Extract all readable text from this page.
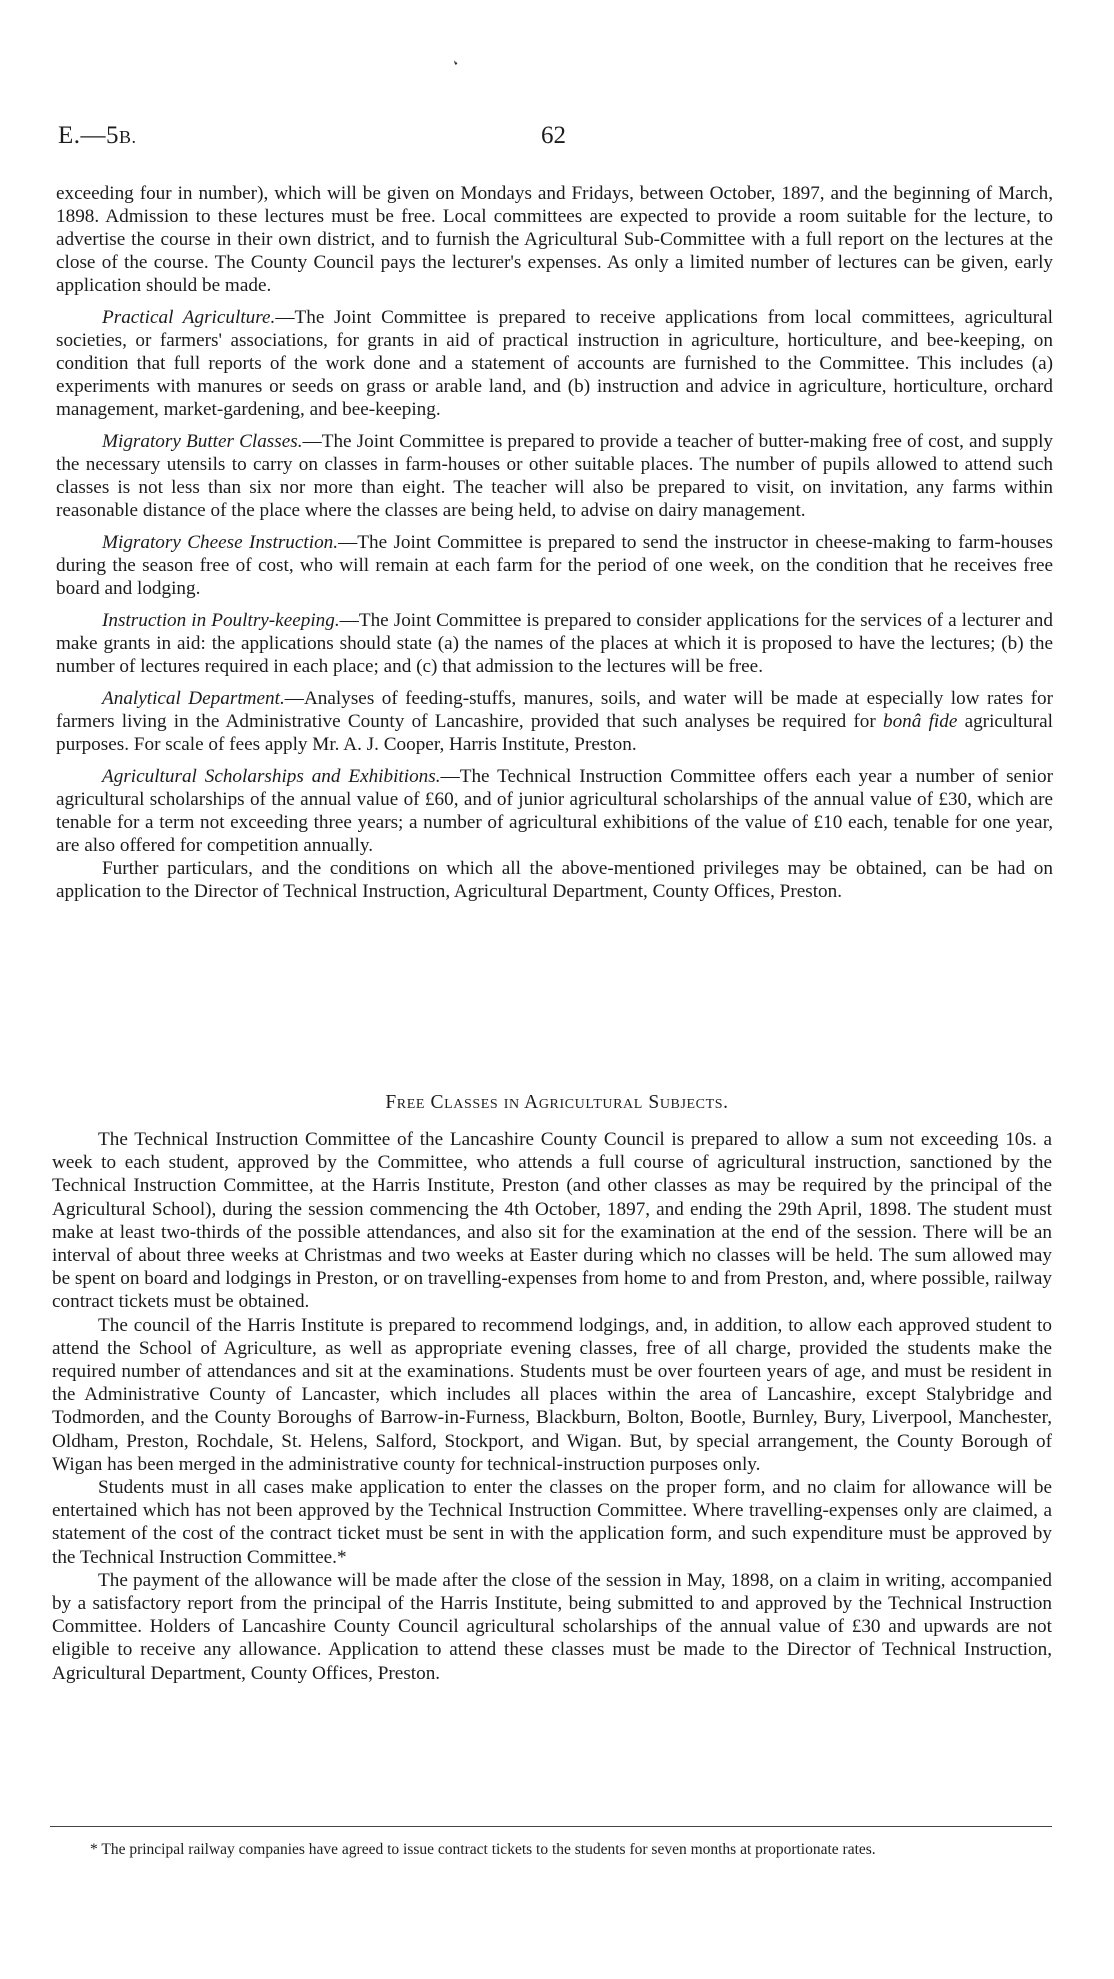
❛
E.—5B.	62

exceeding four in number), which will be given on Mondays and Fridays, between October, 1897, and the beginning of March, 1898. Admission to these lectures must be free. Local committees are expected to provide a room suitable for the lecture, to advertise the course in their own district, and to furnish the Agricultural Sub-Committee with a full report on the lectures at the close of the course. The County Council pays the lecturer's expenses. As only a limited number of lectures can be given, early application should be made.

Practical Agriculture.—The Joint Committee is prepared to receive applications from local committees, agricultural societies, or farmers' associations, for grants in aid of practical instruction in agriculture, horticulture, and bee-keeping, on condition that full reports of the work done and a statement of accounts are furnished to the Committee. This includes (a) experiments with manures or seeds on grass or arable land, and (b) instruction and advice in agriculture, horticulture, orchard management, market-gardening, and bee-keeping.

Migratory Butter Classes.—The Joint Committee is prepared to provide a teacher of butter-making free of cost, and supply the necessary utensils to carry on classes in farm-houses or other suitable places. The number of pupils allowed to attend such classes is not less than six nor more than eight. The teacher will also be prepared to visit, on invitation, any farms within reasonable distance of the place where the classes are being held, to advise on dairy management.

Migratory Cheese Instruction.—The Joint Committee is prepared to send the instructor in cheese-making to farm-houses during the season free of cost, who will remain at each farm for the period of one week, on the condition that he receives free board and lodging.

Instruction in Poultry-keeping.—The Joint Committee is prepared to consider applications for the services of a lecturer and make grants in aid: the applications should state (a) the names of the places at which it is proposed to have the lectures; (b) the number of lectures required in each place; and (c) that admission to the lectures will be free.

Analytical Department.—Analyses of feeding-stuffs, manures, soils, and water will be made at especially low rates for farmers living in the Administrative County of Lancashire, provided that such analyses be required for bonâ fide agricultural purposes. For scale of fees apply Mr. A. J. Cooper, Harris Institute, Preston.

Agricultural Scholarships and Exhibitions.—The Technical Instruction Committee offers each year a number of senior agricultural scholarships of the annual value of £60, and of junior agricultural scholarships of the annual value of £30, which are tenable for a term not exceeding three years; a number of agricultural exhibitions of the value of £10 each, tenable for one year, are also offered for competition annually.

Further particulars, and the conditions on which all the above-mentioned privileges may be obtained, can be had on application to the Director of Technical Instruction, Agricultural Department, County Offices, Preston.

Free Classes in Agricultural Subjects.

The Technical Instruction Committee of the Lancashire County Council is prepared to allow a sum not exceeding 10s. a week to each student, approved by the Committee, who attends a full course of agricultural instruction, sanctioned by the Technical Instruction Committee, at the Harris Institute, Preston (and other classes as may be required by the principal of the Agricultural School), during the session commencing the 4th October, 1897, and ending the 29th April, 1898. The student must make at least two-thirds of the possible attendances, and also sit for the examination at the end of the session. There will be an interval of about three weeks at Christmas and two weeks at Easter during which no classes will be held. The sum allowed may be spent on board and lodgings in Preston, or on travelling-expenses from home to and from Preston, and, where possible, railway contract tickets must be obtained.

The council of the Harris Institute is prepared to recommend lodgings, and, in addition, to allow each approved student to attend the School of Agriculture, as well as appropriate evening classes, free of all charge, provided the students make the required number of attendances and sit at the examinations. Students must be over fourteen years of age, and must be resident in the Administrative County of Lancaster, which includes all places within the area of Lancashire, except Stalybridge and Todmorden, and the County Boroughs of Barrow-in-Furness, Blackburn, Bolton, Bootle, Burnley, Bury, Liverpool, Manchester, Oldham, Preston, Rochdale, St. Helens, Salford, Stockport, and Wigan. But, by special arrangement, the County Borough of Wigan has been merged in the administrative county for technical-instruction purposes only.

Students must in all cases make application to enter the classes on the proper form, and no claim for allowance will be entertained which has not been approved by the Technical Instruction Committee. Where travelling-expenses only are claimed, a statement of the cost of the contract ticket must be sent in with the application form, and such expenditure must be approved by the Technical Instruction Committee.*

The payment of the allowance will be made after the close of the session in May, 1898, on a claim in writing, accompanied by a satisfactory report from the principal of the Harris Institute, being submitted to and approved by the Technical Instruction Committee. Holders of Lancashire County Council agricultural scholarships of the annual value of £30 and upwards are not eligible to receive any allowance. Application to attend these classes must be made to the Director of Technical Instruction, Agricultural Department, County Offices, Preston.

* The principal railway companies have agreed to issue contract tickets to the students for seven months at proportionate rates.
